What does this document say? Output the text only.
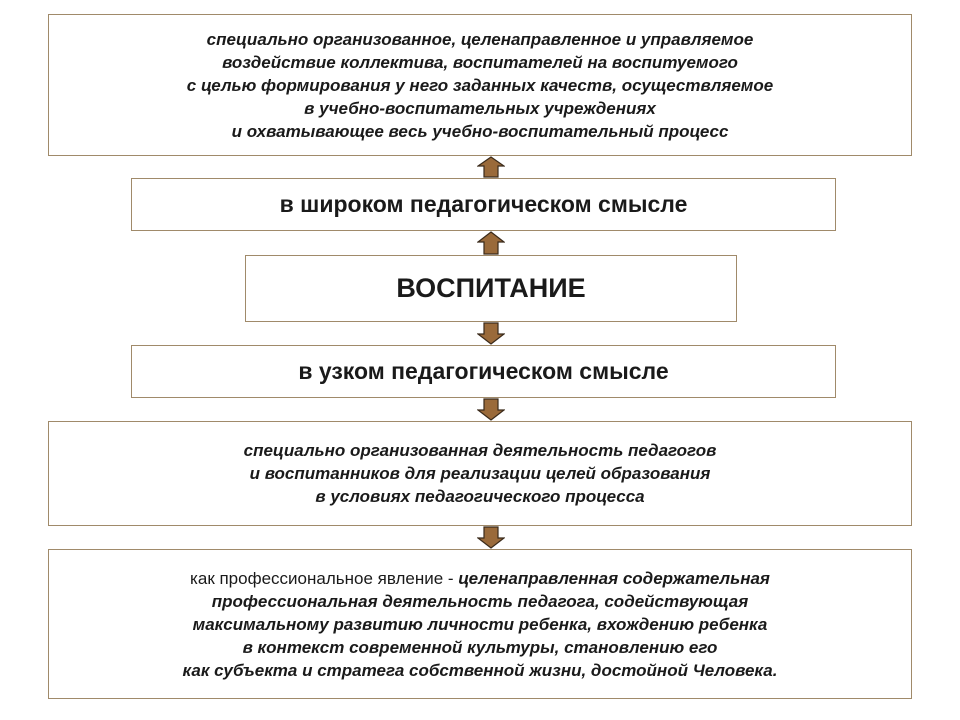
специально организованное, целенаправленное и управляемое
воздействие коллектива, воспитателей на воспитуемого
с целью формирования у него заданных качеств, осуществляемое
в учебно-воспитательных учреждениях
и охватывающее весь учебно-воспитательный процесс
в широком педагогическом смысле
ВОСПИТАНИЕ
в узком педагогическом смысле
специально организованная деятельность педагогов
и воспитанников для реализации целей образования
в условиях педагогического процесса
как профессиональное явление - целенаправленная содержательная
профессиональная деятельность педагога, содействующая
максимальному развитию личности ребенка, вхождению ребенка
в контекст современной культуры, становлению его
как субъекта и стратега собственной жизни, достойной Человека.
